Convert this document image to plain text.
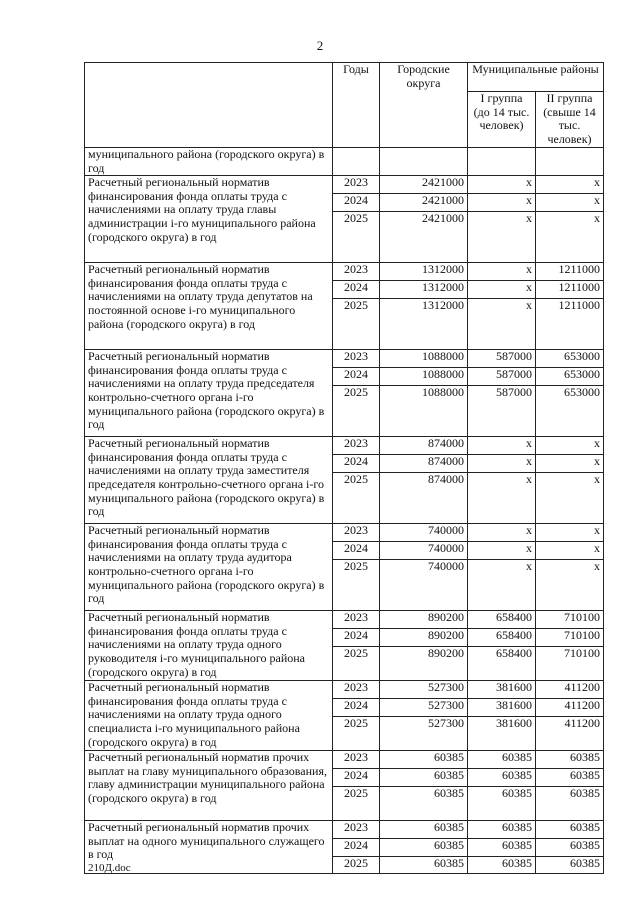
2
	Годы	Городские округа	Муниципальные районы	
			I группа (до 14 тыс. человек)	II группа (свыше 14 тыс. человек)
муниципального района (городского округа) в год				
Расчетный региональный норматив финансирования фонда оплаты труда с начислениями на оплату труда главы администрации i-го муниципального района (городского округа) в год	2023	2421000	x	x
	2024	2421000	x	x
	2025	2421000	x	x
Расчетный региональный норматив финансирования фонда оплаты труда с начислениями на оплату труда депутатов на постоянной основе i-го муниципального района (городского округа) в год	2023	1312000	x	1211000
	2024	1312000	x	1211000
	2025	1312000	x	1211000
Расчетный региональный норматив финансирования фонда оплаты труда с начислениями на оплату труда председателя контрольно-счетного органа i-го муниципального района (городского округа) в год	2023	1088000	587000	653000
	2024	1088000	587000	653000
	2025	1088000	587000	653000
Расчетный региональный норматив финансирования фонда оплаты труда с начислениями на оплату труда заместителя председателя контрольно-счетного органа i-го муниципального района (городского округа) в год	2023	874000	x	x
	2024	874000	x	x
	2025	874000	x	x
Расчетный региональный норматив финансирования фонда оплаты труда с начислениями на оплату труда аудитора контрольно-счетного органа i-го муниципального района (городского округа) в год	2023	740000	x	x
	2024	740000	x	x
	2025	740000	x	x
Расчетный региональный норматив финансирования фонда оплаты труда с начислениями на оплату труда одного руководителя i-го муниципального района (городского округа) в год	2023	890200	658400	710100
	2024	890200	658400	710100
	2025	890200	658400	710100
Расчетный региональный норматив финансирования фонда оплаты труда с начислениями на оплату труда одного специалиста i-го муниципального района (городского округа) в год	2023	527300	381600	411200
	2024	527300	381600	411200
	2025	527300	381600	411200
Расчетный региональный норматив прочих выплат на главу муниципального образования, главу администрации муниципального района (городского округа) в год	2023	60385	60385	60385
	2024	60385	60385	60385
	2025	60385	60385	60385
Расчетный региональный норматив прочих выплат на одного муниципального служащего в год	2023	60385	60385	60385
	2024	60385	60385	60385
	2025	60385	60385	60385
210Д.doc
